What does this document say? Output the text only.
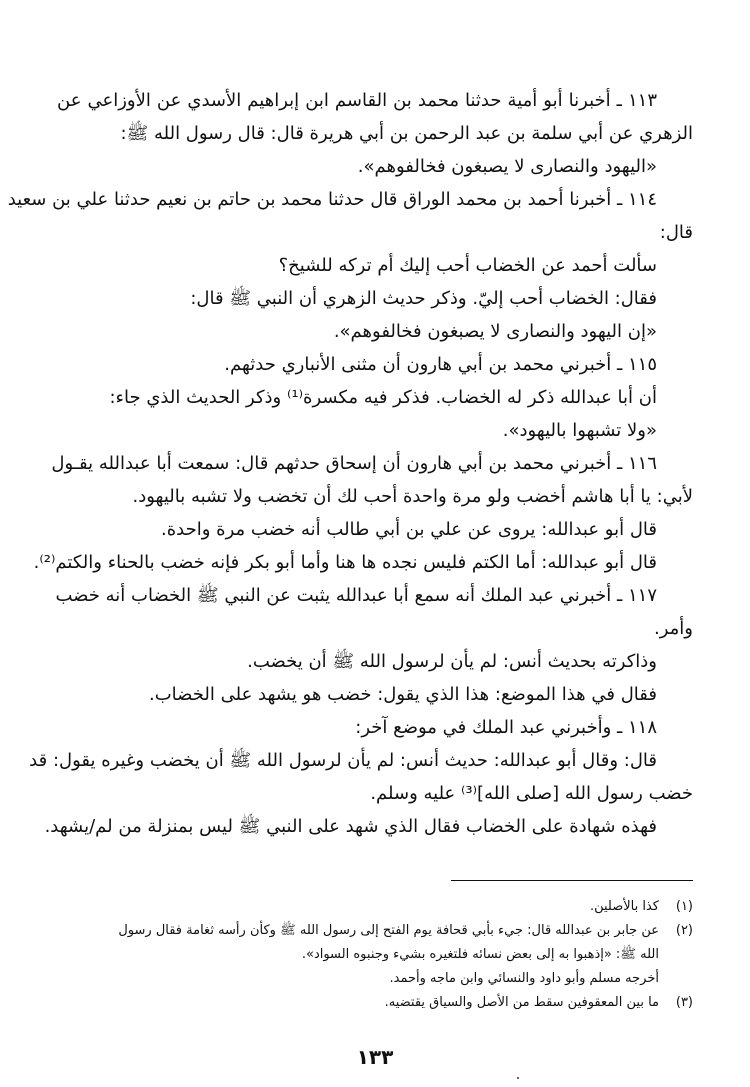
١١٣ ـ أخبرنا أبو أمية حدثنا محمد بن القاسم ابن إبراهيم الأسدي عن الأوزاعي عن
الزهري عن أبي سلمة بن عبد الرحمن بن أبي هريرة قال: قال رسول الله ﷺ:
«اليهود والنصارى لا يصبغون فخالفوهم».
١١٤ ـ أخبرنا أحمد بن محمد الوراق قال حدثنا محمد بن حاتم بن نعيم حدثنا علي بن سعيد
قال:
سألت أحمد عن الخضاب أحب إليك أم تركه للشيخ؟
فقال: الخضاب أحب إليّ. وذكر حديث الزهري أن النبي ﷺ قال:
«إن اليهود والنصارى لا يصبغون فخالفوهم».
١١٥ ـ أخبرني محمد بن أبي هارون أن مثنى الأنباري حدثهم.
أن أبا عبدالله ذكر له الخضاب. فذكر فيه مكسرة⁽¹⁾ وذكر الحديث الذي جاء:
«ولا تشبهوا باليهود».
١١٦ ـ أخبرني محمد بن أبي هارون أن إسحاق حدثهم قال: سمعت أبا عبدالله يقـول
لأبي: يا أبا هاشم أخضب ولو مرة واحدة أحب لك أن تخضب ولا تشبه باليهود.
قال أبو عبدالله: يروى عن علي بن أبي طالب أنه خضب مرة واحدة.
قال أبو عبدالله: أما الكتم فليس نجده ها هنا وأما أبو بكر فإنه خضب بالحناء والكتم⁽²⁾.
١١٧ ـ أخبرني عبد الملك أنه سمع أبا عبدالله يثبت عن النبي ﷺ الخضاب أنه خضب
وأمر.
وذاكرته بحديث أنس: لم يأن لرسول الله ﷺ أن يخضب.
فقال في هذا الموضع: هذا الذي يقول: خضب هو يشهد على الخضاب.
١١٨ ـ وأخبرني عبد الملك في موضع آخر:
قال: وقال أبو عبدالله: حديث أنس: لم يأن لرسول الله ﷺ أن يخضب وغيره يقول: قد
خضب رسول الله [صلى الله]⁽³⁾ عليه وسلم.
فهذه شهادة على الخضاب فقال الذي شهد على النبي ﷺ ليس بمنزلة من لم/يشهد.
(١)
كذا بالأصلين.
(٢)
عن جابر بن عبدالله قال: جيء بأبي قحافة يوم الفتح إلى رسول الله ﷺ وكأن رأسه ثغامة فقال رسول
الله ﷺ: «إذهبوا به إلى بعض نسائه فلتغيره بشيء وجنبوه السواد».
أخرجه مسلم وأبو داود والنسائي وابن ماجه وأحمد.
(٣)
ما بين المعقوفين سقط من الأصل والسياق يقتضيه.
١٣٣
